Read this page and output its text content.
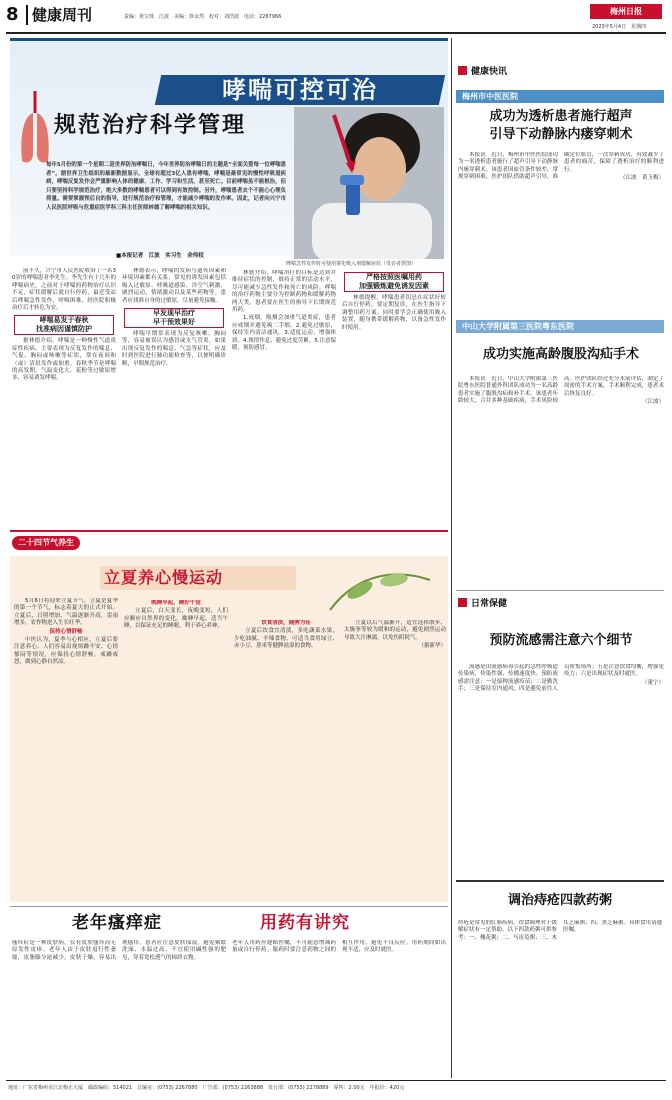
8 健康周刊	责编：黄宝珠　江波　美编：徐永然　校对：刘浩波　电话：2267966
梅州日报
2023年5月4日　星期四
哮喘可控可治
规范治疗科学管理
每年5月份的第一个星期二是世界防治哮喘日，今年世界防治哮喘日的主题是“全面关爱每一位哮喘患者”。据世界卫生组织的最新数据显示，全球有超过3亿人患有哮喘，哮喘是最常见的慢性呼吸道疾病，哮喘反复发作会严重影响人体的健康、工作、学习和生活，甚至死亡。目前哮喘虽不能根治，但只要坚持科学规范治疗，绝大多数的哮喘患者可以得到有效控制。另外，哮喘患者去个不能心心理负荷量。需要掌握预后自的指导，进行规范治疗和管理，才能减少哮喘的发作率。因此，记者向兴宁市人民医院呼吸与危重症医学科三科主任医师林德了解哮喘的相关知识。
■本报记者　江波　实习生　余伟权
哮喘急性发作时可使用雾化吸入剂缓解症状（受访者供图）

前不久，兴宁市人民医院收治了一名30岁的哮喘患者李先生。李先生有十几年的哮喘病史，之前对于哮喘的药物治疗认识不足，症状缓解后就自行停药，最近受凉后哮喘急性发作，呼吸困难，经医院积极治疗后才转危为安。

哮喘易发于春秋
找准病因谨慎防护

据林德介绍，哮喘是一种慢性气道炎症性疾病，主要表现为反复发作的喘息、气促、胸闷或咳嗽等症状，常在夜间和（或）清晨发作或加重。春秋季节是哮喘的高发期，气温变化大、花粉等过敏原增多，容易诱发哮喘。

林德表示，哮喘的发病与遗传因素和环境因素都有关系，常见的诱发因素包括吸入过敏原、呼吸道感染、冷空气刺激、剧烈运动、情绪激动以及某些药物等。患者应找准自身的过敏原，尽量避免接触。

早发现早治疗
早干预效果好

哮喘早期常表现为反复咳嗽、胸闷等，容易被误认为感冒或支气管炎。如果出现反复发作的喘息、气急等症状，应及时到医院进行肺功能检查等，以便明确诊断，早期规范治疗。

林德介绍，哮喘治疗的目标是达到并维持症状的控制，维持正常的活动水平，尽可能减少急性发作和死亡的风险。哮喘的治疗药物主要分为控制药物和缓解药物两大类，患者要在医生的指导下长期规范用药。

1.戒烟，吸烟会加重气道炎症，患者应戒烟并避免吸二手烟。2.避免过敏原，保持室内清洁通风。3.适度运动，增强体质。4.规律作息，避免过度劳累。5.注意保暖，预防感冒。

严格按照医嘱用药
加强锻炼避免诱发因素

林德提醒，哮喘患者切忌在症状好转后自行停药，要定期复诊，在医生指导下调整用药方案。同时要学会正确使用吸入装置，随身携带缓解药物，以备急性发作时使用。

健康快讯
梅州市中医医院
成功为透析患者施行超声
引导下动静脉内瘘穿刺术

本报讯　近日，梅州市中医医院成功为一名透析患者施行了超声引导下动静脉内瘘穿刺术。该患者因血管条件较差，常规穿刺困难，医护团队借助超声引导，准确定位血管，一次穿刺成功，有效减少了患者的痛苦，保障了透析治疗的顺利进行。

（江波　黄玉梅）

中山大学附属第三医院粤东医院
成功实施高龄腹股沟疝手术

本报讯　近日，中山大学附属第三医院粤东医院普通外科团队成功为一名高龄患者实施了腹股沟疝修补手术。该患者年龄较大，合并多种基础疾病，手术风险较高。医护团队经过充分术前评估，制定了周密的手术方案，手术顺利完成，患者术后恢复良好。

（江波）

日常保健
预防流感需注意六个细节

流感是由流感病毒引起的急性呼吸道传染病，传染性强、传播速度快。预防流感需注意：一是接种流感疫苗；二是勤洗手；三是保持室内通风；四是避免前往人员密集场所；五是注意饮食均衡，增强免疫力；六是出现症状及时就医。

（董宁）

调治痔疮四款药粥
痔疮是常见的肛肠疾病，饮食调理对于缓解症状有一定帮助。以下四款药粥可供参考：一、槐花粥；二、马齿苋粥；三、木耳芝麻粥；四、黑芝麻粥。具体食用请遵医嘱。
二十四节气养生
立夏养心慢运动

5月6日将迎来立夏节气。立夏是夏季的第一个节气，标志着夏天的正式开始。立夏后，日照增加，气温逐渐升高，雷雨增多，农作物进入生长旺季。

保持心情舒畅

中医认为，夏季与心相应，立夏后要注意养心。人们容易出现烦躁不安、心情郁闷等情况，应保持心情舒畅，戒躁戒怒，做到心静自然凉。

晚睡早起，睡好午觉

立夏后，白天变长，夜晚变短，人们应顺应自然界的变化，晚睡早起，适当午睡，以保证充足的睡眠，利于养心养神。

饮食清淡，健脾为佳

立夏后饮食宜清淡，多吃蔬菜水果，少吃油腻、辛辣食物。可适当食用绿豆、赤小豆、薏米等健脾祛湿的食物。

立夏以后气温渐升，适宜选择散步、太极拳等较为缓和的运动，避免剧烈运动导致大汗淋漓，以免伤阴耗气。

（据新华）

老年瘙痒症
瘙痒症是一种皮肤病，仅有皮肤瘙痒而无原发性皮疹。老年人由于皮肤退行性萎缩，皮脂腺分泌减少，皮肤干燥，容易出现瘙痒。患者应注意皮肤保湿，避免频繁洗澡、水温过高，不宜使用碱性强的肥皂，穿着宽松透气的棉质衣物。
用药有讲究
老年人用药应遵循医嘱，不可随意增减药量或自行停药。服药时要注意药物之间的相互作用，避免不良反应。用药期间如出现不适，应及时就医。
地址：广东省梅州市江北梅正大厦　邮政编码：514021　总编室：(0753) 2267880　广告部：(0753) 2263888　发行部：(0753) 2278889　零售：2.00元　年报价：420元
